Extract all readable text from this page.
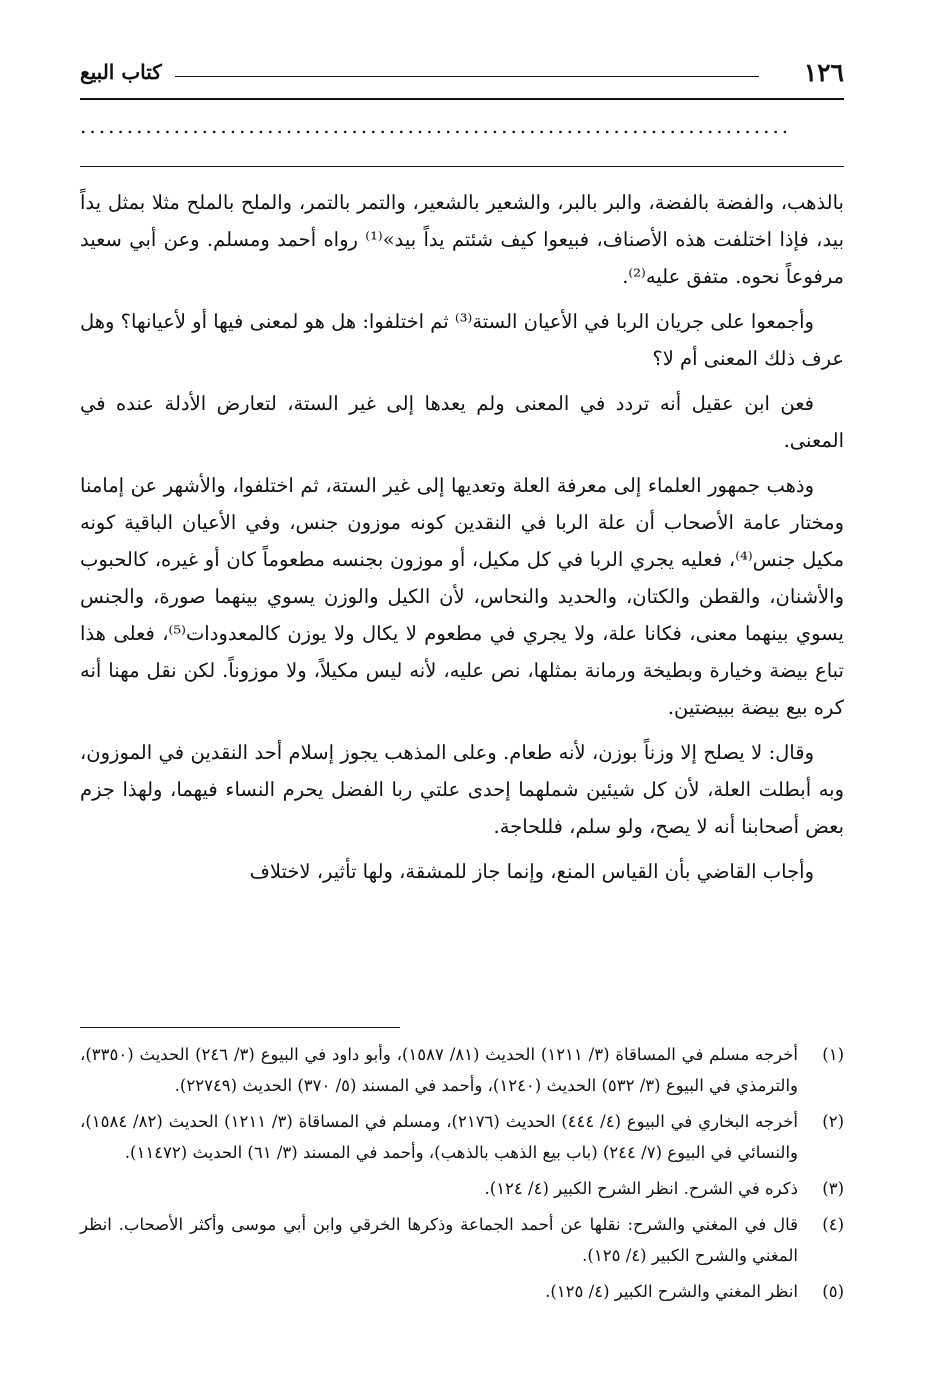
١٢٦
كتاب البيع
............................................................................

بالذهب، والفضة بالفضة، والبر بالبر، والشعير بالشعير، والتمر بالتمر، والملح بالملح مثلا بمثل يداً بيد، فإذا اختلفت هذه الأصناف، فبيعوا كيف شئتم يداً بيد»⁽¹⁾ رواه أحمد ومسلم. وعن أبي سعيد مرفوعاً نحوه. متفق عليه⁽²⁾.

وأجمعوا على جريان الربا في الأعيان الستة⁽³⁾ ثم اختلفوا: هل هو لمعنى فيها أو لأعيانها؟ وهل عرف ذلك المعنى أم لا؟

فعن ابن عقيل أنه تردد في المعنى ولم يعدها إلى غير الستة، لتعارض الأدلة عنده في المعنى.

وذهب جمهور العلماء إلى معرفة العلة وتعديها إلى غير الستة، ثم اختلفوا، والأشهر عن إمامنا ومختار عامة الأصحاب أن علة الربا في النقدين كونه موزون جنس، وفي الأعيان الباقية كونه مكيل جنس⁽⁴⁾، فعليه يجري الربا في كل مكيل، أو موزون بجنسه مطعوماً كان أو غيره، كالحبوب والأشنان، والقطن والكتان، والحديد والنحاس، لأن الكيل والوزن يسوي بينهما صورة، والجنس يسوي بينهما معنى، فكانا علة، ولا يجري في مطعوم لا يكال ولا يوزن كالمعدودات⁽⁵⁾، فعلى هذا تباع بيضة وخيارة وبطيخة ورمانة بمثلها، نص عليه، لأنه ليس مكيلاً، ولا موزوناً. لكن نقل مهنا أنه كره بيع بيضة ببيضتين.

وقال: لا يصلح إلا وزناً بوزن، لأنه طعام. وعلى المذهب يجوز إسلام أحد النقدين في الموزون، وبه أبطلت العلة، لأن كل شيئين شملهما إحدى علتي ربا الفضل يحرم النساء فيهما، ولهذا جزم بعض أصحابنا أنه لا يصح، ولو سلم، فللحاجة.

وأجاب القاضي بأن القياس المنع، وإنما جاز للمشقة، ولها تأثير، لاختلاف

(١)
أخرجه مسلم في المساقاة (٣/ ١٢١١) الحديث (٨١/ ١٥٨٧)، وأبو داود في البيوع (٣/ ٢٤٦) الحديث (٣٣٥٠)، والترمذي في البيوع (٣/ ٥٣٢) الحديث (١٢٤٠)، وأحمد في المسند (٥/ ٣٧٠) الحديث (٢٢٧٤٩).
(٢)
أخرجه البخاري في البيوع (٤/ ٤٤٤) الحديث (٢١٧٦)، ومسلم في المساقاة (٣/ ١٢١١) الحديث (٨٢/ ١٥٨٤)، والنسائي في البيوع (٧/ ٢٤٤) (باب بيع الذهب بالذهب)، وأحمد في المسند (٣/ ٦١) الحديث (١١٤٧٢).
(٣)
ذكره في الشرح. انظر الشرح الكبير (٤/ ١٢٤).
(٤)
قال في المغني والشرح: نقلها عن أحمد الجماعة وذكرها الخرقي وابن أبي موسى وأكثر الأصحاب. انظر المغني والشرح الكبير (٤/ ١٢٥).
(٥)
انظر المغني والشرح الكبير (٤/ ١٢٥).
